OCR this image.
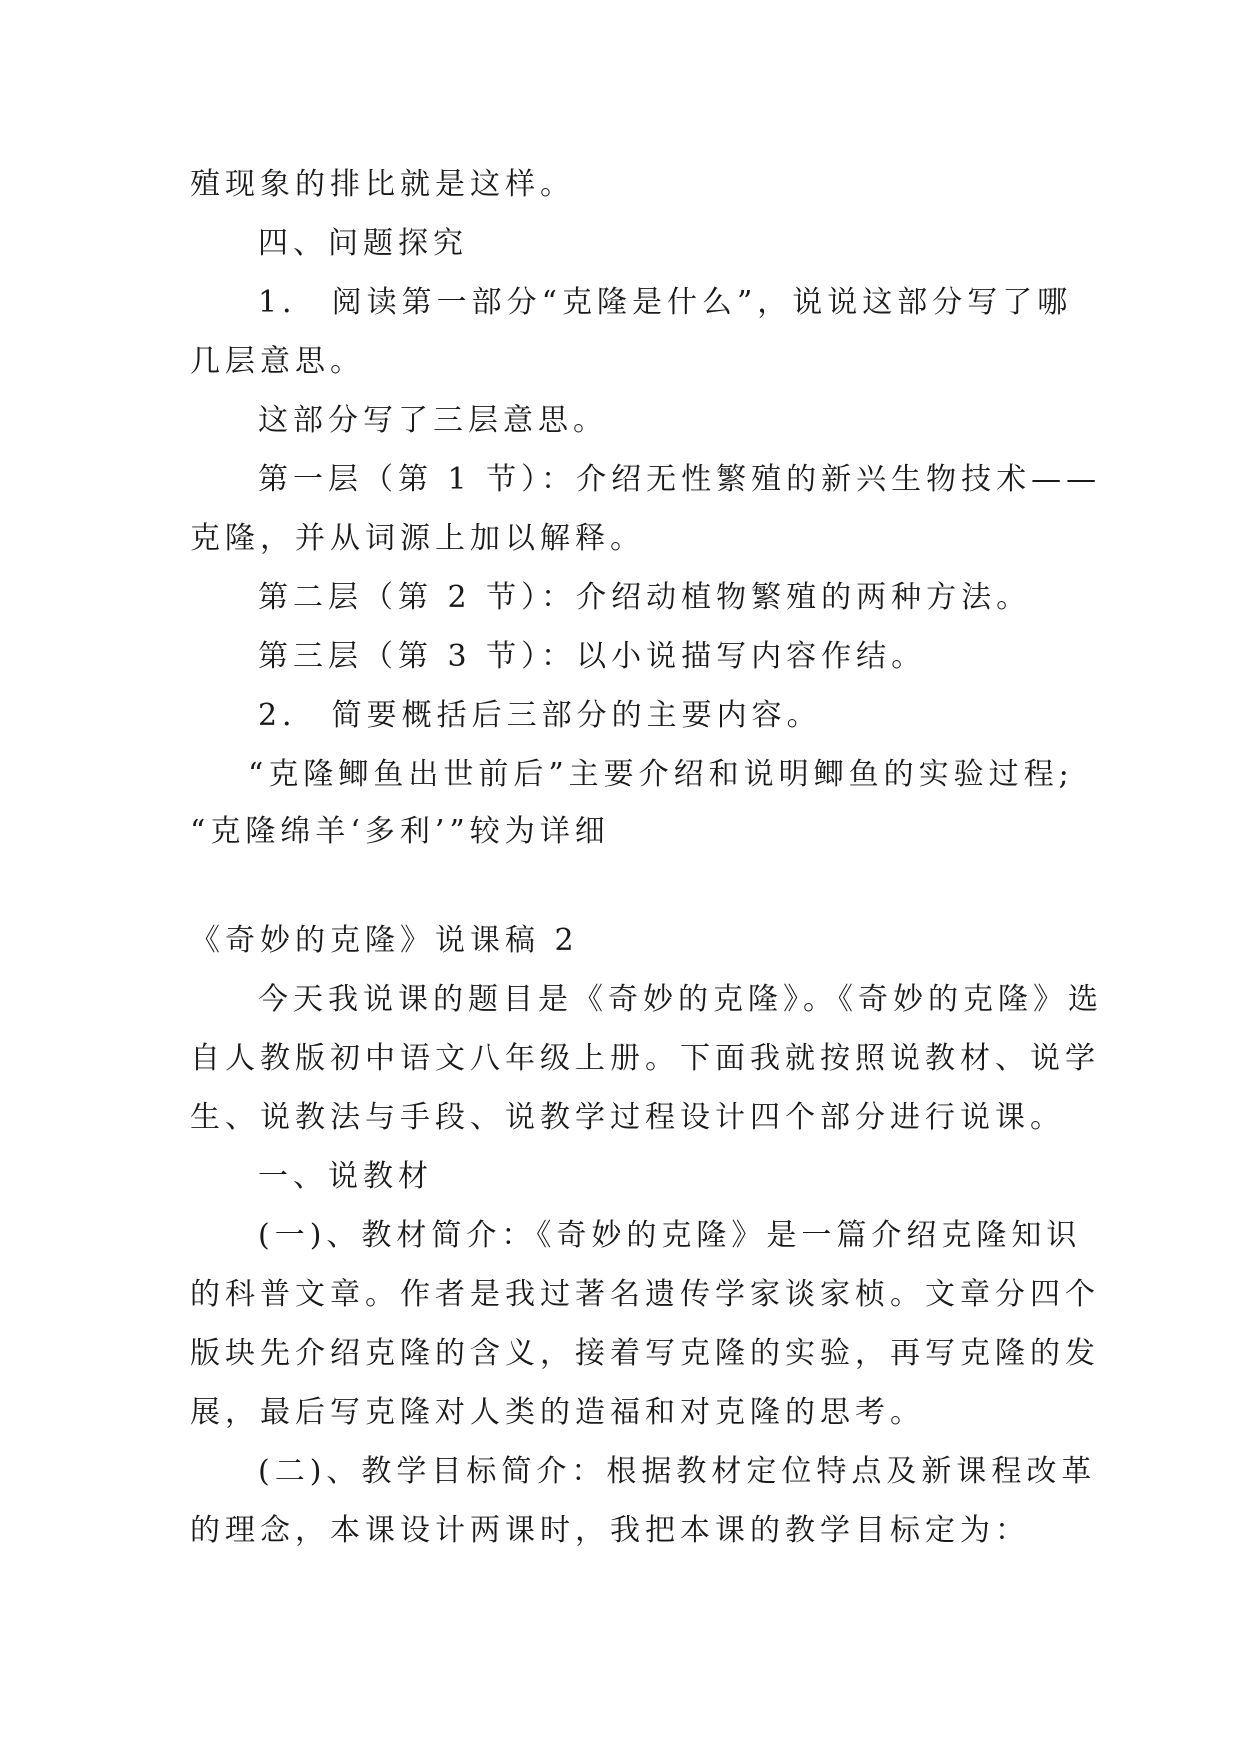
殖现象的排比就是这样。
四、问题探究
1． 阅读第一部分“克隆是什么”，说说这部分写了哪
几层意思。
这部分写了三层意思。
第一层（第 1 节）：介绍无性繁殖的新兴生物技术——
克隆，并从词源上加以解释。
第二层（第 2 节）：介绍动植物繁殖的两种方法。
第三层（第 3 节）：以小说描写内容作结。
2． 简要概括后三部分的主要内容。
“克隆鲫鱼出世前后”主要介绍和说明鲫鱼的实验过程;
“克隆绵羊‘多利’”较为详细
《奇妙的克隆》说课稿 2
今天我说课的题目是《奇妙的克隆》。《奇妙的克隆》选
自人教版初中语文八年级上册。下面我就按照说教材、说学
生、说教法与手段、说教学过程设计四个部分进行说课。
一、说教材
(一)、教材简介：《奇妙的克隆》是一篇介绍克隆知识
的科普文章。作者是我过著名遗传学家谈家桢。文章分四个
版块先介绍克隆的含义，接着写克隆的实验，再写克隆的发
展，最后写克隆对人类的造福和对克隆的思考。
(二)、教学目标简介：根据教材定位特点及新课程改革
的理念，本课设计两课时，我把本课的教学目标定为：
